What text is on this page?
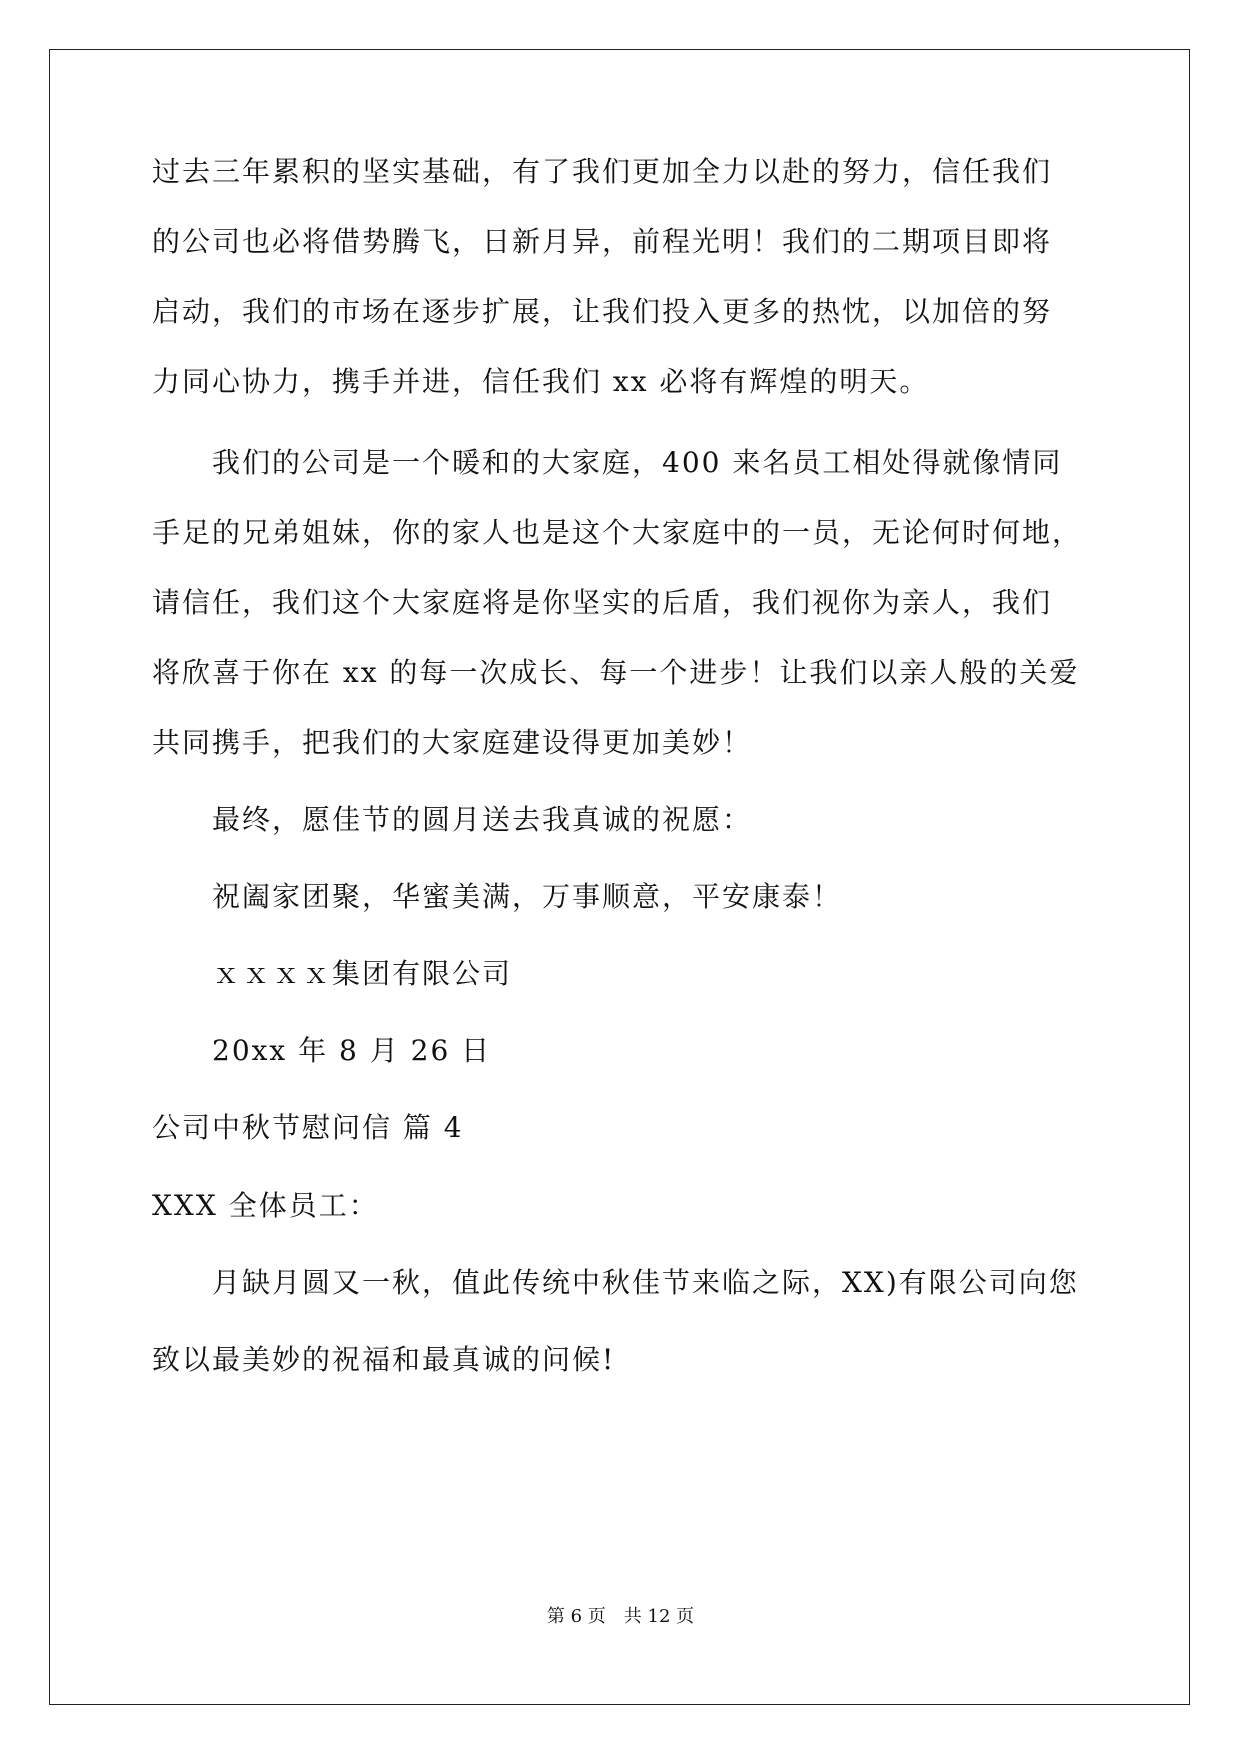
过去三年累积的坚实基础，有了我们更加全力以赴的努力，信任我们
的公司也必将借势腾飞，日新月异，前程光明！我们的二期项目即将
启动，我们的市场在逐步扩展，让我们投入更多的热忱，以加倍的努
力同心协力，携手并进，信任我们 xx 必将有辉煌的明天。
我们的公司是一个暖和的大家庭，400 来名员工相处得就像情同
手足的兄弟姐妹，你的家人也是这个大家庭中的一员，无论何时何地，
请信任，我们这个大家庭将是你坚实的后盾，我们视你为亲人，我们
将欣喜于你在 xx 的每一次成长、每一个进步！让我们以亲人般的关爱
共同携手，把我们的大家庭建设得更加美妙！
最终，愿佳节的圆月送去我真诚的祝愿：
祝阖家团聚，华蜜美满，万事顺意，平安康泰！
ｘｘｘｘ集团有限公司
20xx 年 8 月 26 日
公司中秋节慰问信 篇 4
XXX 全体员工：
月缺月圆又一秋，值此传统中秋佳节来临之际，XX)有限公司向您
致以最美妙的祝福和最真诚的问候!
第 6 页　共 12 页
